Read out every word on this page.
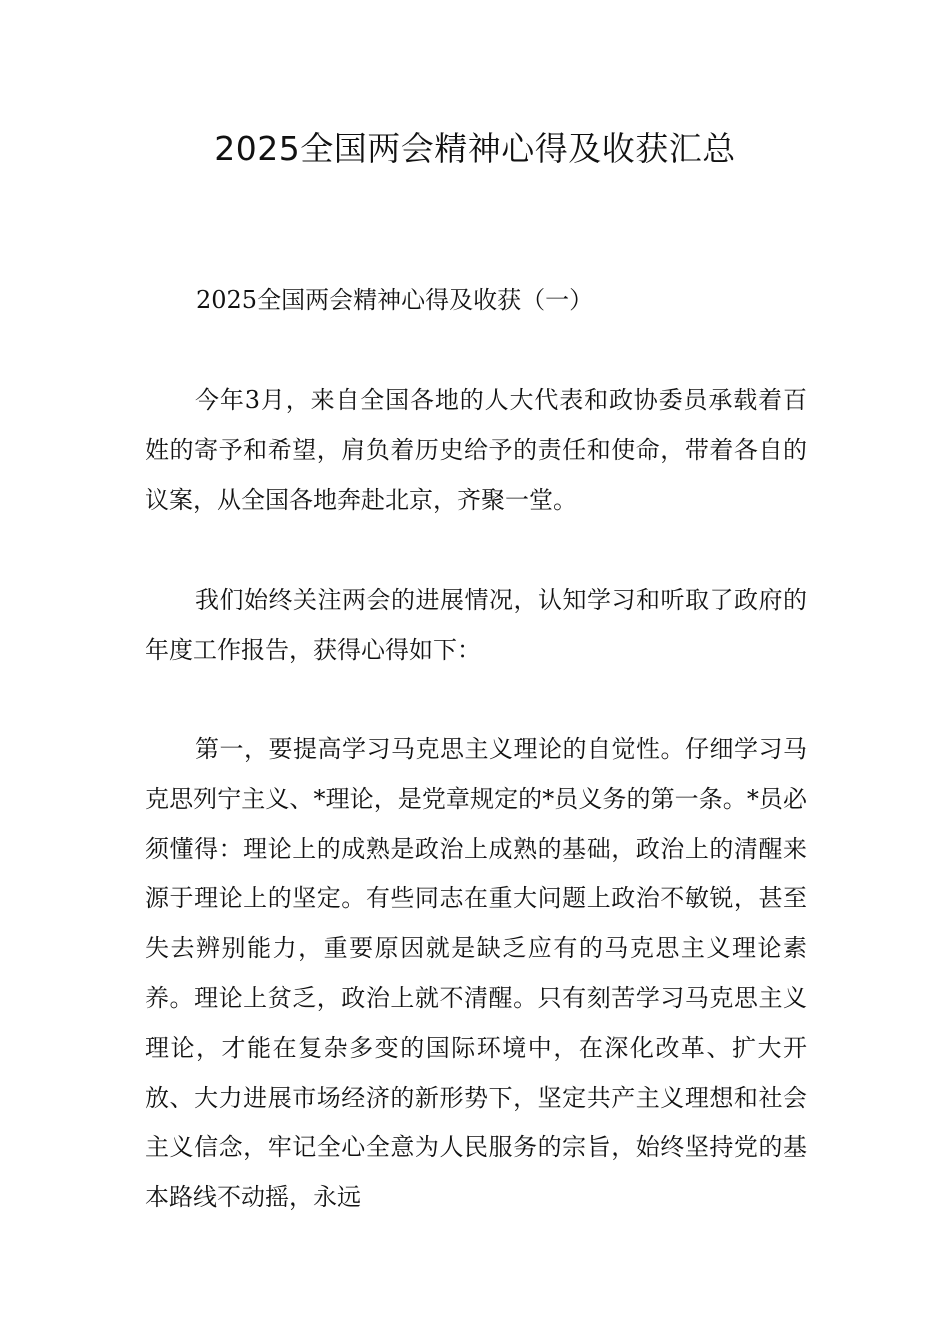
2025全国两会精神心得及收获汇总

2025全国两会精神心得及收获（一）

今年3月，来自全国各地的人大代表和政协委员承载着百姓的寄予和希望，肩负着历史给予的责任和使命，带着各自的议案，从全国各地奔赴北京，齐聚一堂。

我们始终关注两会的进展情况，认知学习和听取了政府的年度工作报告，获得心得如下：

第一，要提高学习马克思主义理论的自觉性。仔细学习马克思列宁主义、*理论，是党章规定的*员义务的第一条。*员必须懂得：理论上的成熟是政治上成熟的基础，政治上的清醒来源于理论上的坚定。有些同志在重大问题上政治不敏锐，甚至失去辨别能力，重要原因就是缺乏应有的马克思主义理论素养。理论上贫乏，政治上就不清醒。只有刻苦学习马克思主义理论，才能在复杂多变的国际环境中，在深化改革、扩大开放、大力进展市场经济的新形势下，坚定共产主义理想和社会主义信念，牢记全心全意为人民服务的宗旨，始终坚持党的基本路线不动摇，永远
